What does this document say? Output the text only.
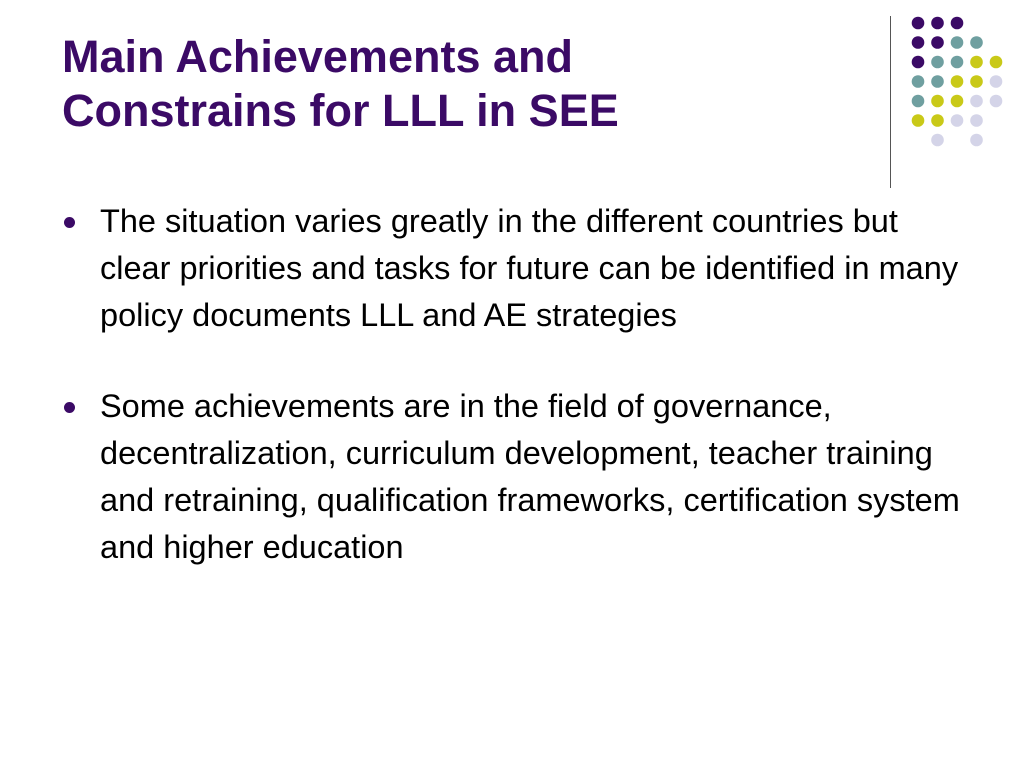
Main Achievements and
Constrains for LLL in SEE
The situation varies greatly in the different countries but clear priorities and tasks for future can be identified in many policy documents LLL and AE strategies
Some achievements are in the field of governance, decentralization, curriculum development, teacher training and retraining, qualification frameworks, certification system and higher education
